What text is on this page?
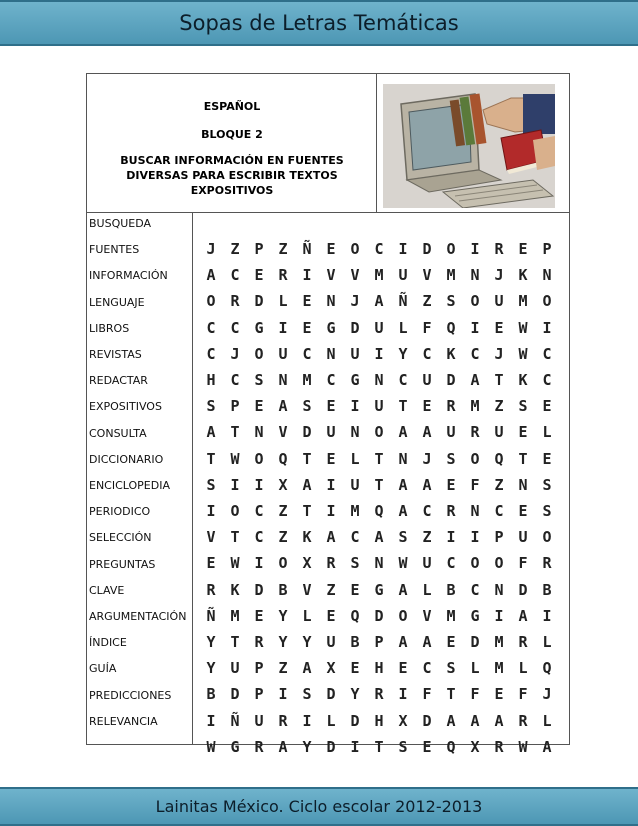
Sopas de Letras Temáticas
ESPAÑOL
BLOQUE 2
BUSCAR INFORMACIÓN EN FUENTES DIVERSAS PARA ESCRIBIR TEXTOS EXPOSITIVOS
BUSQUEDA
FUENTES
INFORMACIÓN
LENGUAJE
LIBROS
REVISTAS
REDACTAR
EXPOSITIVOS
CONSULTA
DICCIONARIO
ENCICLOPEDIA
PERIODICO
SELECCIÓN
PREGUNTAS
CLAVE
ARGUMENTACIÓN
ÍNDICE
GUÍA
PREDICCIONES
RELEVANCIA
J Z P Z Ñ E O C I D O I R E P
A C E R I V V M U V M N J K N
O R D L E N J A Ñ Z S O U M O
C C G I E G D U L F Q I E W I
C J O U C N U I Y C K C J W C
H C S N M C G N C U D A T K C
S P E A S E I U T E R M Z S E
A T N V D U N O A A U R U E L
T W O Q T E L T N J S O Q T E
S I I X A I U T A A E F Z N S
I O C Z T I M Q A C R N C E S
V T C Z K A C A S Z I I P U O
E W I O X R S N W U C O O F R
R K D B V Z E G A L B C N D B
Ñ M E Y L E Q D O V M G I A I
Y T R Y Y U B P A A E D M R L
Y U P Z A X E H E C S L M L Q
B D P I S D Y R I F T F E F J
I Ñ U R I L D H X D A A A R L
W G R A Y D I T S E Q X R W A
Lainitas México. Ciclo escolar 2012-2013
